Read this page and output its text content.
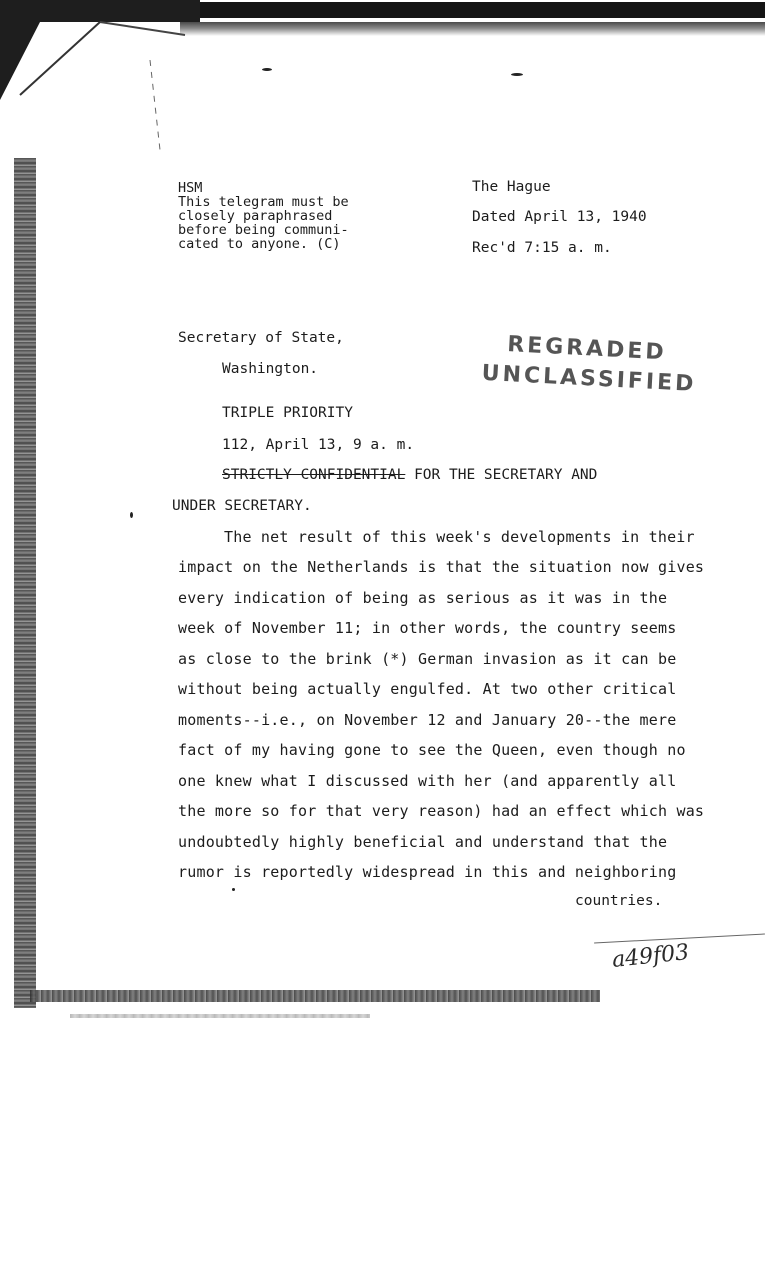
HSM
This telegram must be
closely paraphrased
before being communi-
cated to anyone. (C)
The Hague
Dated April 13, 1940
Rec'd 7:15 a. m.
Secretary of State,
Washington.
REGRADED
UNCLASSIFIED
TRIPLE PRIORITY
112, April 13, 9 a. m.
STRICTLY CONFIDENTIAL FOR THE SECRETARY AND
UNDER SECRETARY.
The net result of this week's developments in their
impact on the Netherlands is that the situation now gives
every indication of being as serious as it was in the
week of November 11; in other words, the country seems
as close to the brink (*) German invasion as it can be
without being actually engulfed. At two other critical
moments--i.e., on November 12 and January 20--the mere
fact of my having gone to see the Queen, even though no
one knew what I discussed with her (and apparently all
the more so for that very reason) had an effect which was
undoubtedly highly beneficial and understand that the
rumor is reportedly widespread in this and neighboring
countries.
a49f03
